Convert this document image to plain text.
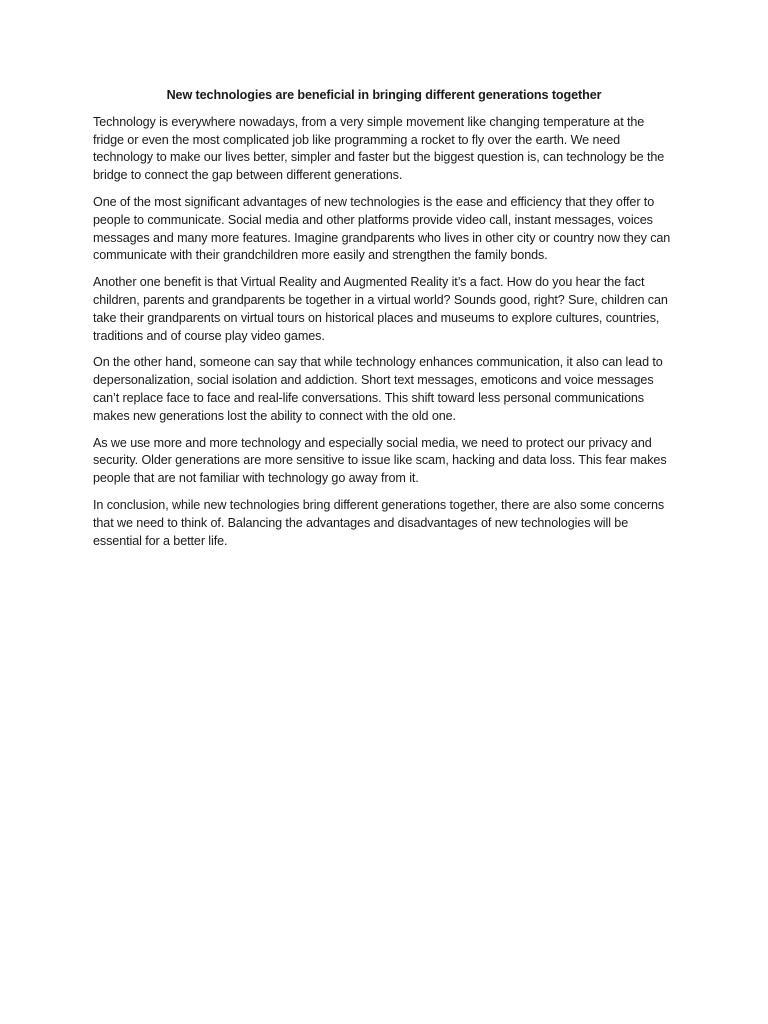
New technologies are beneficial in bringing different generations together

Technology is everywhere nowadays, from a very simple movement like changing temperature at the fridge or even the most complicated job like programming a rocket to fly over the earth. We need technology to make our lives better, simpler and faster but the biggest question is, can technology be the bridge to connect the gap between different generations.

One of the most significant advantages of new technologies is the ease and efficiency that they offer to people to communicate. Social media and other platforms provide video call, instant messages, voices messages and many more features. Imagine grandparents who lives in other city or country now they can communicate with their grandchildren more easily and strengthen the family bonds.

Another one benefit is that Virtual Reality and Augmented Reality it’s a fact. How do you hear the fact children, parents and grandparents be together in a virtual world? Sounds good, right? Sure, children can take their grandparents on virtual tours on historical places and museums to explore cultures, countries, traditions and of course play video games.

On the other hand, someone can say that while technology enhances communication, it also can lead to depersonalization, social isolation and addiction. Short text messages, emoticons and voice messages can’t replace face to face and real-life conversations. This shift toward less personal communications makes new generations lost the ability to connect with the old one.

As we use more and more technology and especially social media, we need to protect our privacy and security. Older generations are more sensitive to issue like scam, hacking and data loss. This fear makes people that are not familiar with technology go away from it.

In conclusion, while new technologies bring different generations together, there are also some concerns that we need to think of. Balancing the advantages and disadvantages of new technologies will be essential for a better life.
